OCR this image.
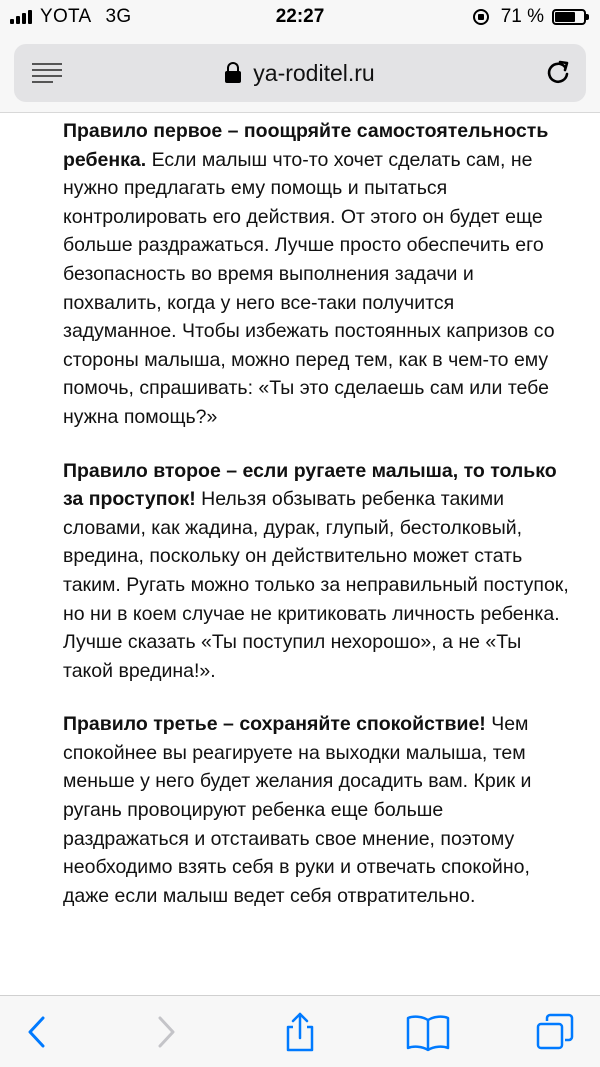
YOTA 3G	22:27	71 %
ya-roditel.ru

Правило первое – поощряйте самостоятельность ребенка. Если малыш что-то хочет сделать сам, не нужно предлагать ему помощь и пытаться контролировать его действия. От этого он будет еще больше раздражаться. Лучше просто обеспечить его безопасность во время выполнения задачи и похвалить, когда у него все-таки получится задуманное. Чтобы избежать постоянных капризов со стороны малыша, можно перед тем, как в чем-то ему помочь, спрашивать: «Ты это сделаешь сам или тебе нужна помощь?»

Правило второе – если ругаете малыша, то только за проступок! Нельзя обзывать ребенка такими словами, как жадина, дурак, глупый, бестолковый, вредина, поскольку он действительно может стать таким. Ругать можно только за неправильный поступок, но ни в коем случае не критиковать личность ребенка. Лучше сказать «Ты поступил нехорошо», а не «Ты такой вредина!».

Правило третье – сохраняйте спокойствие! Чем спокойнее вы реагируете на выходки малыша, тем меньше у него будет желания досадить вам. Крик и ругань провоцируют ребенка еще больше раздражаться и отстаивать свое мнение, поэтому необходимо взять себя в руки и отвечать спокойно, даже если малыш ведет себя отвратительно.
